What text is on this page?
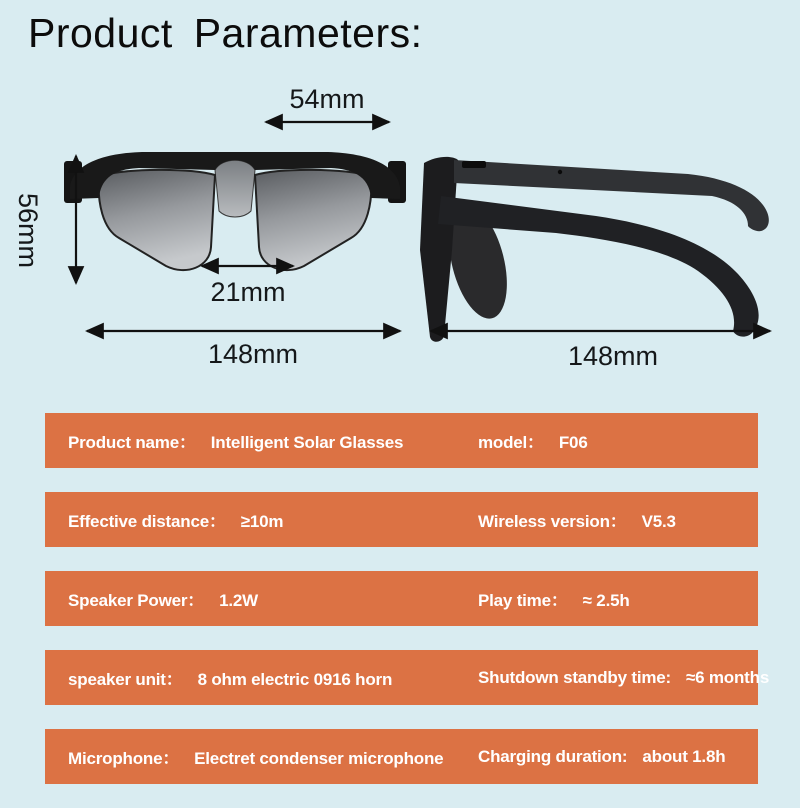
Product Parameters:
54mm
56mm
21mm
148mm	148mm
Product name： Intelligent Solar Glasses	model： F06
Effective distance： ≥10m	Wireless version： V5.3
Speaker Power： 1.2W	Play time： ≈ 2.5h
speaker unit： 8 ohm electric 0916 horn	Shutdown standby time: ≈6 months
Microphone： Electret condenser microphone	Charging duration: about 1.8h
